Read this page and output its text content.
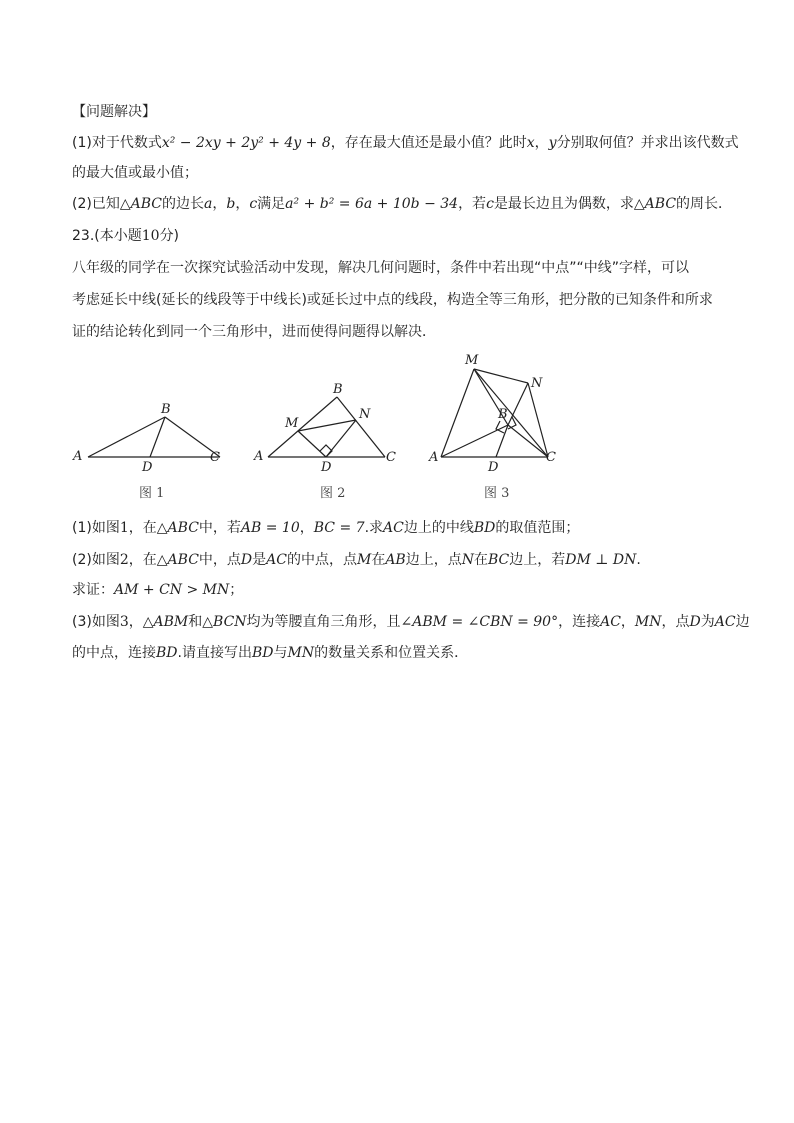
【问题解决】
(1)对于代数式x² − 2xy + 2y² + 4y + 8，存在最大值还是最小值？此时x，y分别取何值？并求出该代数式
的最大值或最小值；
(2)已知△ABC的边长a，b，c满足a² + b² = 6a + 10b − 34，若c是最长边且为偶数，求△ABC的周长．
23.(本小题10分)
八年级的同学在一次探究试验活动中发现，解决几何问题时，条件中若出现“中点”“中线”字样，可以
考虑延长中线(延长的线段等于中线长)或延长过中点的线段，构造全等三角形，把分散的已知条件和所求
证的结论转化到同一个三角形中，进而使得问题得以解决．
A
B
C
D
A
B
C
D
M
N
A
B
C
D
M
N
图 1	图 2	图 3
(1)如图1，在△ABC中，若AB = 10，BC = 7.求AC边上的中线BD的取值范围；
(2)如图2，在△ABC中，点D是AC的中点，点M在AB边上，点N在BC边上，若DM ⊥ DN.
求证：AM + CN > MN；
(3)如图3，△ABM和△BCN均为等腰直角三角形，且∠ABM = ∠CBN = 90°，连接AC，MN，点D为AC边
的中点，连接BD.请直接写出BD与MN的数量关系和位置关系．
